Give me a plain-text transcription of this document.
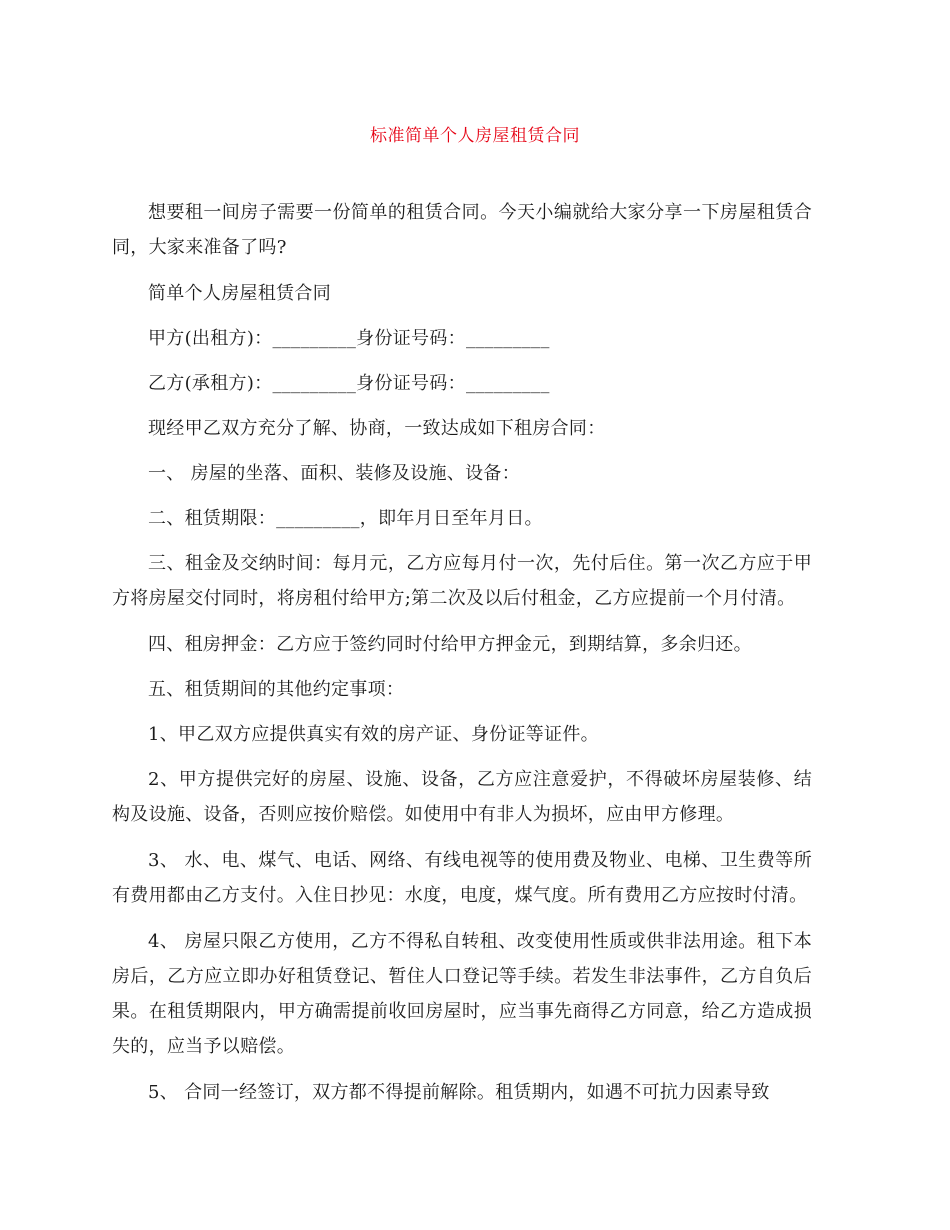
标准简单个人房屋租赁合同

想要租一间房子需要一份简单的租赁合同。今天小编就给大家分享一下房屋租赁合同，大家来准备了吗?

简单个人房屋租赁合同

甲方(出租方)：_________身份证号码：_________

乙方(承租方)：_________身份证号码：_________

现经甲乙双方充分了解、协商，一致达成如下租房合同：

一、 房屋的坐落、面积、装修及设施、设备：

二、租赁期限：_________，即年月日至年月日。

三、租金及交纳时间：每月元，乙方应每月付一次，先付后住。第一次乙方应于甲方将房屋交付同时，将房租付给甲方;第二次及以后付租金，乙方应提前一个月付清。

四、租房押金：乙方应于签约同时付给甲方押金元，到期结算，多余归还。

五、租赁期间的其他约定事项：

1、甲乙双方应提供真实有效的房产证、身份证等证件。

2、甲方提供完好的房屋、设施、设备，乙方应注意爱护，不得破坏房屋装修、结构及设施、设备，否则应按价赔偿。如使用中有非人为损坏，应由甲方修理。

3、 水、电、煤气、电话、网络、有线电视等的使用费及物业、电梯、卫生费等所有费用都由乙方支付。入住日抄见：水度，电度，煤气度。所有费用乙方应按时付清。

4、 房屋只限乙方使用，乙方不得私自转租、改变使用性质或供非法用途。租下本房后，乙方应立即办好租赁登记、暂住人口登记等手续。若发生非法事件，乙方自负后果。在租赁期限内，甲方确需提前收回房屋时，应当事先商得乙方同意，给乙方造成损失的，应当予以赔偿。

5、 合同一经签订，双方都不得提前解除。租赁期内，如遇不可抗力因素导致
